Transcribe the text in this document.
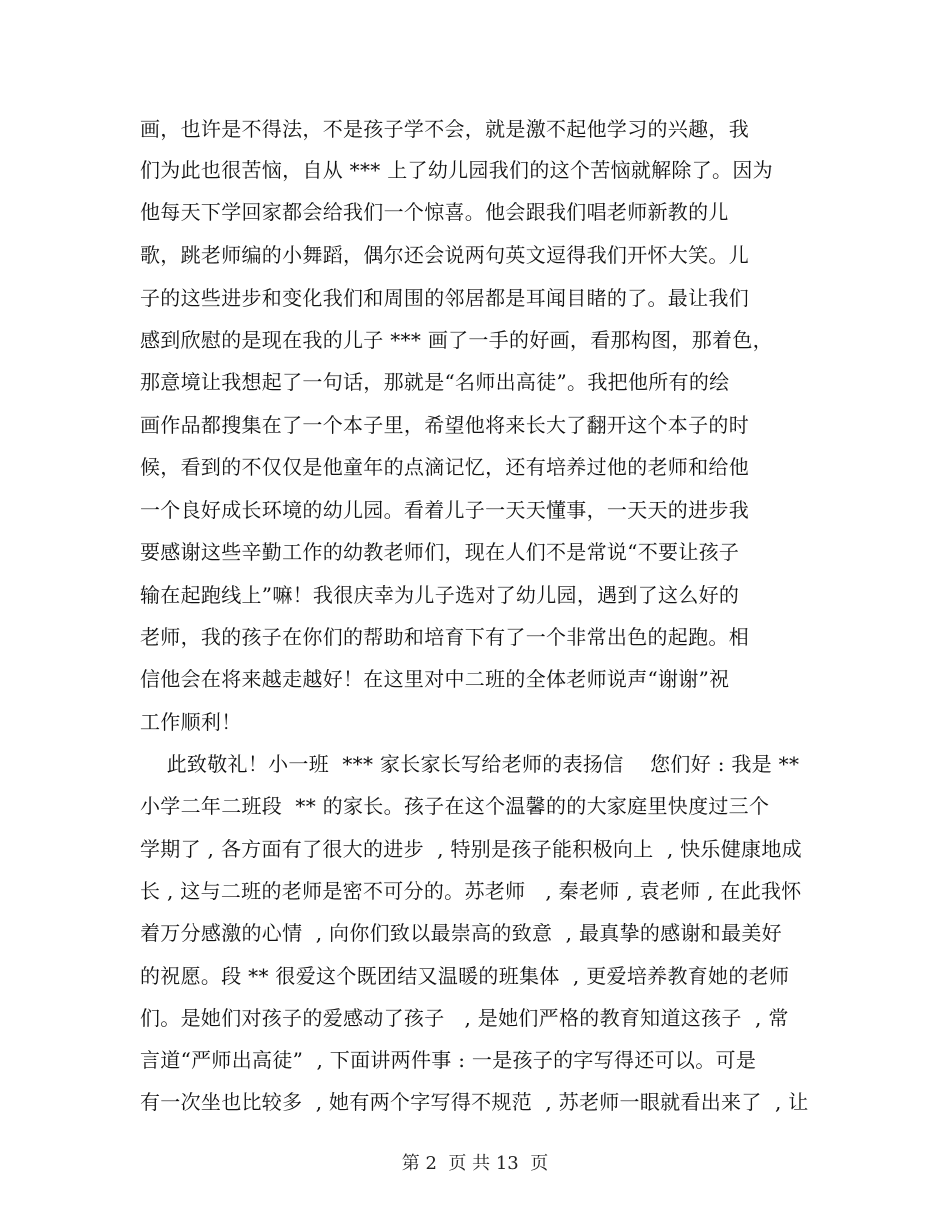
画，也许是不得法，不是孩子学不会，就是激不起他学习的兴趣，我
们为此也很苦恼，自从 *** 上了幼儿园我们的这个苦恼就解除了。因为
他每天下学回家都会给我们一个惊喜。他会跟我们唱老师新教的儿
歌，跳老师编的小舞蹈，偶尔还会说两句英文逗得我们开怀大笑。儿
子的这些进步和变化我们和周围的邻居都是耳闻目睹的了。最让我们
感到欣慰的是现在我的儿子 *** 画了一手的好画，看那构图，那着色，
那意境让我想起了一句话，那就是“名师出高徒”。我把他所有的绘
画作品都搜集在了一个本子里，希望他将来长大了翻开这个本子的时
候，看到的不仅仅是他童年的点滴记忆，还有培养过他的老师和给他
一个良好成长环境的幼儿园。看着儿子一天天懂事，一天天的进步我
要感谢这些辛勤工作的幼教老师们，现在人们不是常说“不要让孩子
输在起跑线上”嘛！我很庆幸为儿子选对了幼儿园，遇到了这么好的
老师，我的孩子在你们的帮助和培育下有了一个非常出色的起跑。相
信他会在将来越走越好！在这里对中二班的全体老师说声“谢谢”祝
工作顺利！
此致敬礼！小一班  *** 家长家长写给老师的表扬信    您们好 : 我是 **
小学二年二班段  ** 的家长。孩子在这个温馨的的大家庭里快度过三个
学期了 , 各方面有了很大的进步  , 特别是孩子能积极向上  , 快乐健康地成
长 , 这与二班的老师是密不可分的。苏老师   , 秦老师 , 袁老师 , 在此我怀
着万分感激的心情  , 向你们致以最崇高的致意  , 最真挚的感谢和最美好
的祝愿。段 ** 很爱这个既团结又温暖的班集体  , 更爱培养教育她的老师
们。是她们对孩子的爱感动了孩子   , 是她们严格的教育知道这孩子  , 常
言道“严师出高徒”  , 下面讲两件事 : 一是孩子的字写得还可以。可是
有一次坐也比较多  , 她有两个字写得不规范  , 苏老师一眼就看出来了  , 让
第 2  页 共 13  页
